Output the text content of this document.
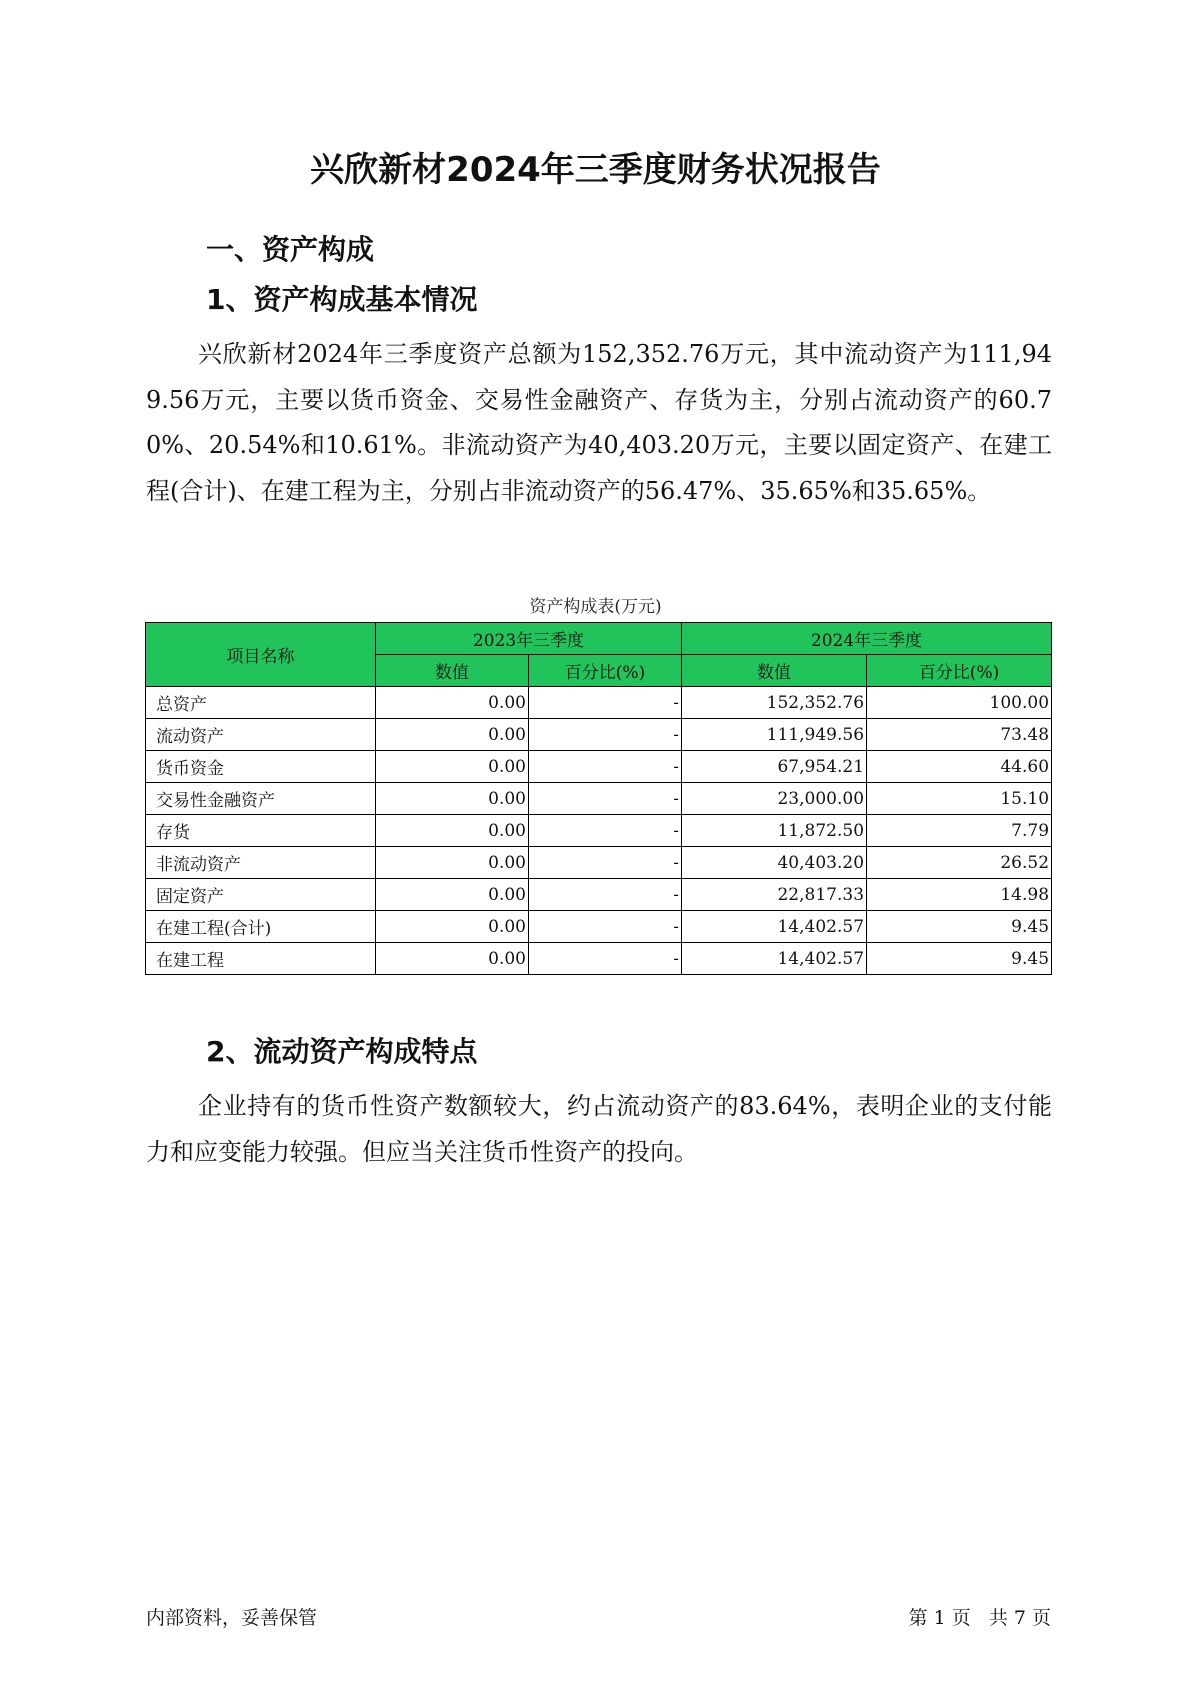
兴欣新材2024年三季度财务状况报告
一、资产构成
1、资产构成基本情况

兴欣新材2024年三季度资产总额为152,352.76万元，其中流动资产为111,949.56万元，主要以货币资金、交易性金融资产、存货为主，分别占流动资产的60.70%、20.54%和10.61%。非流动资产为40,403.20万元，主要以固定资产、在建工程(合计)、在建工程为主，分别占非流动资产的56.47%、35.65%和35.65%。

资产构成表(万元)

项目名称	2023年三季度		2024年三季度	
	数值	百分比(%)	数值	百分比(%)
总资产	0.00	-	152,352.76	100.00
流动资产	0.00	-	111,949.56	73.48
货币资金	0.00	-	67,954.21	44.60
交易性金融资产	0.00	-	23,000.00	15.10
存货	0.00	-	11,872.50	7.79
非流动资产	0.00	-	40,403.20	26.52
固定资产	0.00	-	22,817.33	14.98
在建工程(合计)	0.00	-	14,402.57	9.45
在建工程	0.00	-	14,402.57	9.45
2、流动资产构成特点

企业持有的货币性资产数额较大，约占流动资产的83.64%，表明企业的支付能力和应变能力较强。但应当关注货币性资产的投向。

内部资料，妥善保管	第 1 页   共 7 页
